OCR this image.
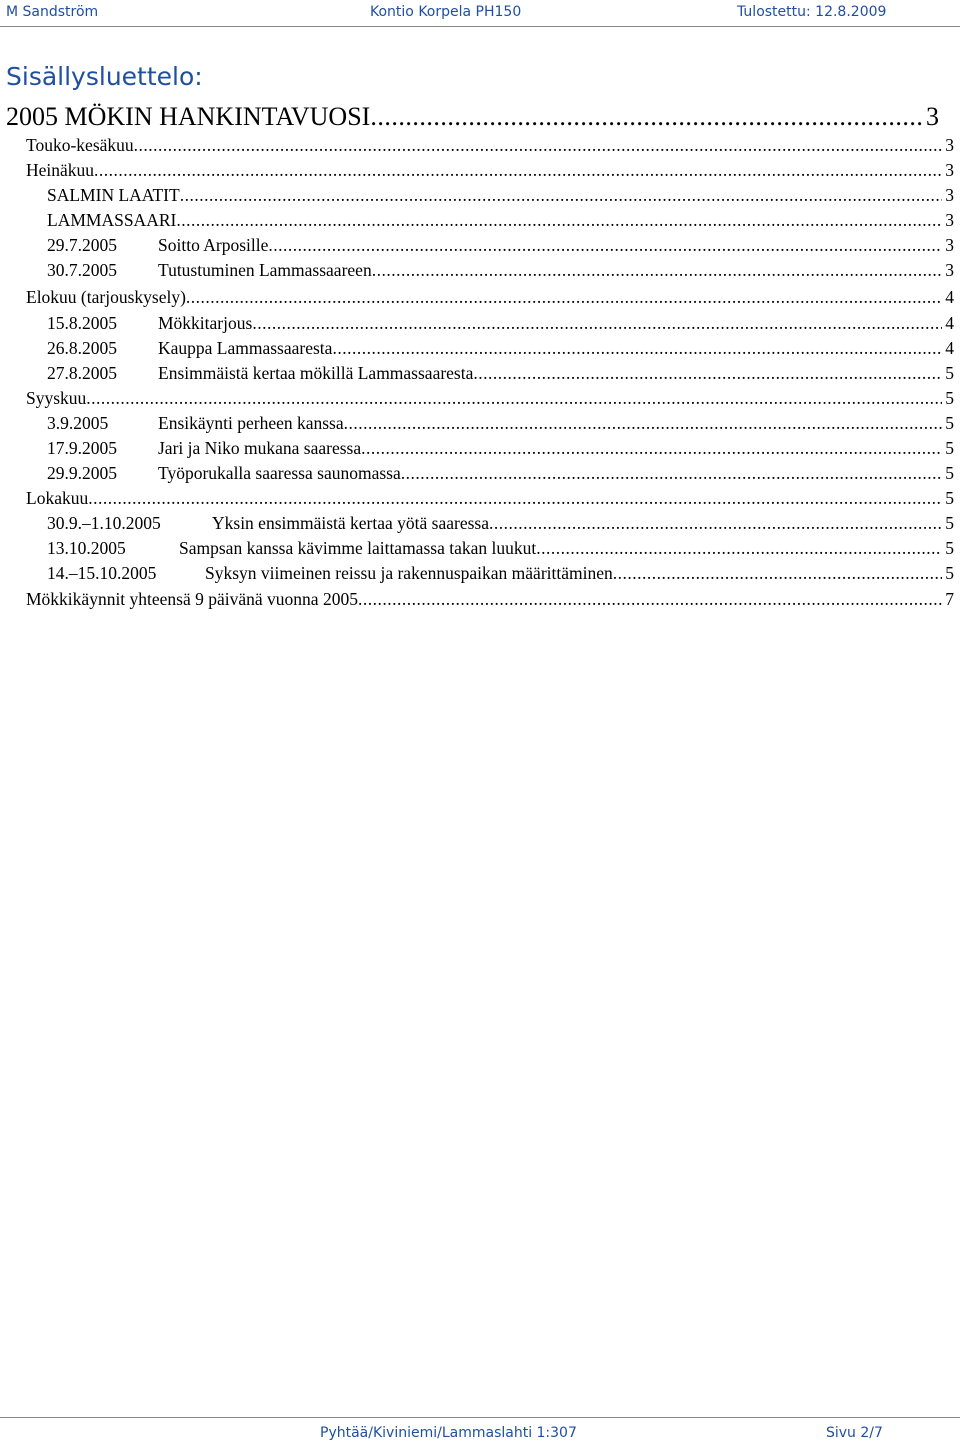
M Sandström	Kontio Korpela PH150	Tulostettu: 12.8.2009
Sisällysluettelo:
2005 MÖKIN HANKINTAVUOSI .....	3
Touko-kesäkuu .....	3
Heinäkuu .....	3
SALMIN LAATIT .....	3
LAMMASSAARI .....	3
29.7.2005 Soitto Arposille .....	3
30.7.2005 Tutustuminen Lammassaareen .....	3
Elokuu (tarjouskysely) .....	4
15.8.2005 Mökkitarjous .....	4
26.8.2005 Kauppa Lammassaaresta .....	4
27.8.2005 Ensimmäistä kertaa mökillä Lammassaaresta .....	5
Syyskuu .....	5
3.9.2005	Ensikäynti perheen kanssa .....	5
17.9.2005 Jari ja Niko mukana saaressa .....	5
29.9.2005 Työporukalla saaressa saunomassa .....	5
Lokakuu .....	5
30.9.–1.10.2005	Yksin ensimmäistä kertaa yötä saaressa .....	5
13.10.2005	Sampsan kanssa kävimme laittamassa takan luukut .....	5
14.–15.10.2005	Syksyn viimeinen reissu ja rakennuspaikan määrittäminen .....	5
Mökkikäynnit yhteensä 9 päivänä vuonna 2005 .....	7
Pyhtää/Kiviniemi/Lammaslahti 1:307	Sivu 2/7
